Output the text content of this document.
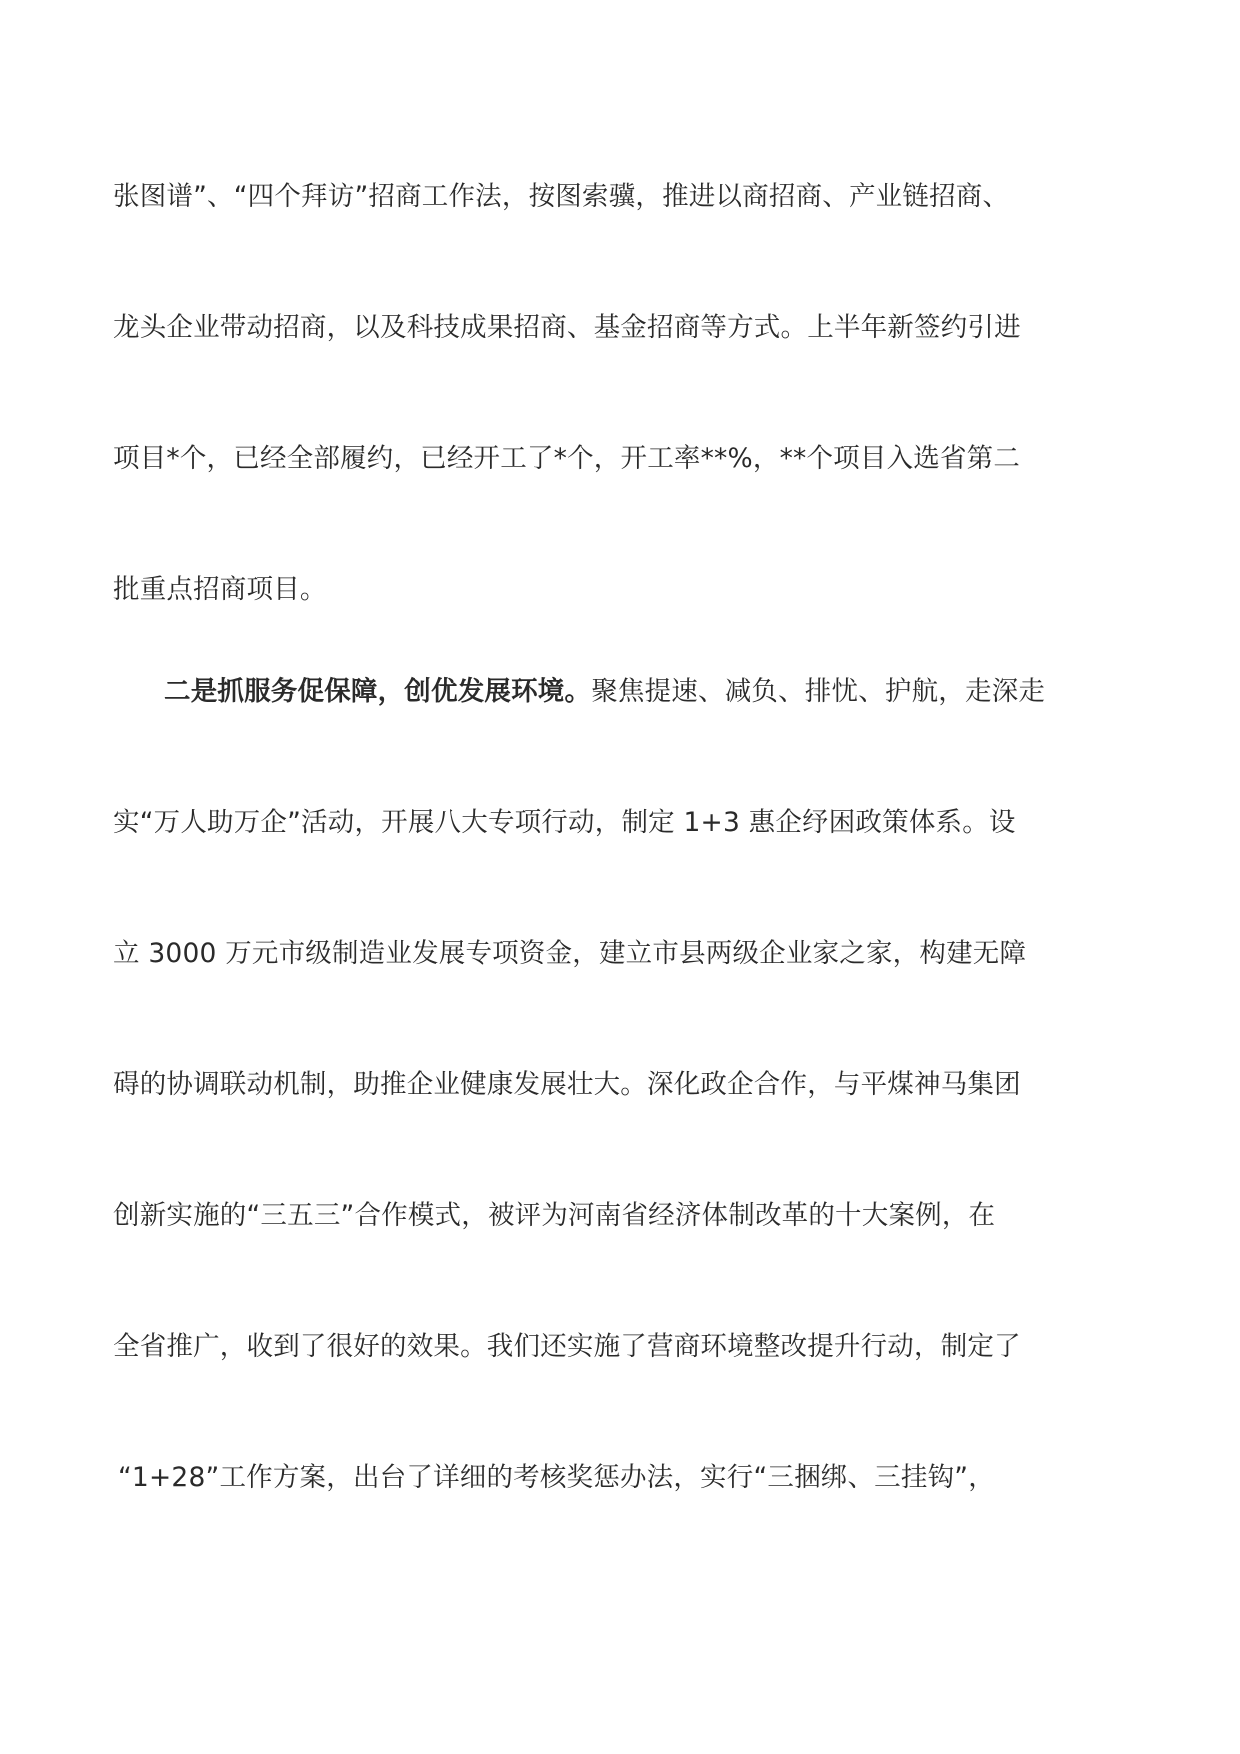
张图谱”、“四个拜访”招商工作法，按图索骥，推进以商招商、产业链招商、
龙头企业带动招商，以及科技成果招商、基金招商等方式。上半年新签约引进
项目*个，已经全部履约，已经开工了*个，开工率**%，**个项目入选省第二
批重点招商项目。
二是抓服务促保障，创优发展环境。聚焦提速、减负、排忧、护航，走深走
实“万人助万企”活动，开展八大专项行动，制定 1+3 惠企纾困政策体系。设
立 3000 万元市级制造业发展专项资金，建立市县两级企业家之家，构建无障
碍的协调联动机制，助推企业健康发展壮大。深化政企合作，与平煤神马集团
创新实施的“三五三”合作模式，被评为河南省经济体制改革的十大案例，在
全省推广，收到了很好的效果。我们还实施了营商环境整改提升行动，制定了
“1+28”工作方案，出台了详细的考核奖惩办法，实行“三捆绑、三挂钩”，
